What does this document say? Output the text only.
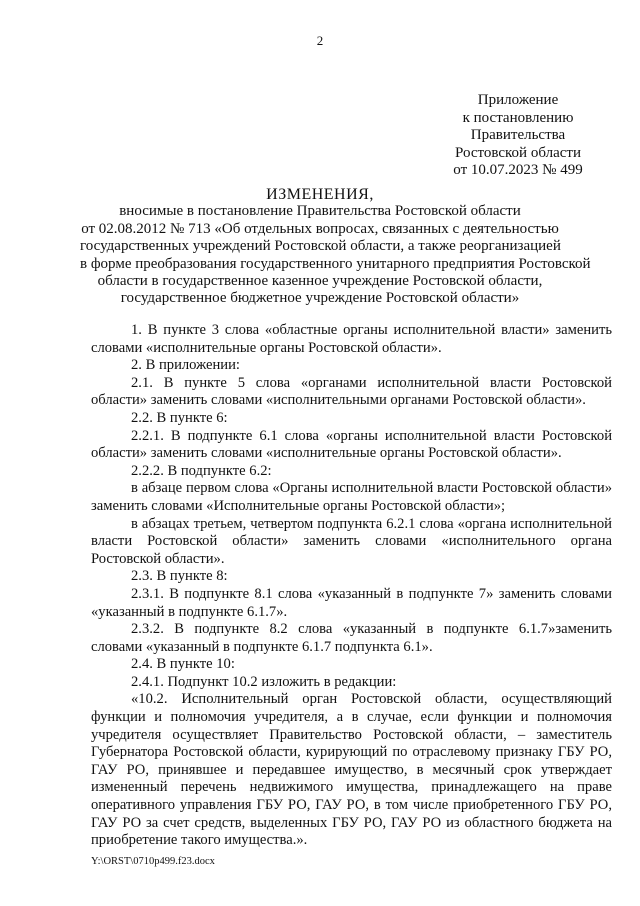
2
Приложение
к постановлению
Правительства
Ростовской области
от 10.07.2023 № 499
ИЗМЕНЕНИЯ,
вносимые в постановление Правительства Ростовской области
от 02.08.2012 № 713 «Об отдельных вопросах, связанных с деятельностью
государственных учреждений Ростовской области, а также реорганизацией
в форме преобразования государственного унитарного предприятия Ростовской
области в государственное казенное учреждение Ростовской области,
государственное бюджетное учреждение Ростовской области»

1. В пункте 3 слова «областные органы исполнительной власти» заменить словами «исполнительные органы Ростовской области».

2. В приложении:

2.1. В пункте 5 слова «органами исполнительной власти Ростовской области» заменить словами «исполнительными органами Ростовской области».

2.2. В пункте 6:

2.2.1. В подпункте 6.1 слова «органы исполнительной власти Ростовской области» заменить словами «исполнительные органы Ростовской области».

2.2.2. В подпункте 6.2:

в абзаце первом слова «Органы исполнительной власти Ростовской области» заменить словами «Исполнительные органы Ростовской области»;

в абзацах третьем, четвертом подпункта 6.2.1 слова «органа исполнительной власти Ростовской области» заменить словами «исполнительного органа Ростовской области».

2.3. В пункте 8:

2.3.1. В подпункте 8.1 слова «указанный в подпункте 7» заменить словами «указанный в подпункте 6.1.7».

2.3.2. В подпункте 8.2 слова «указанный в подпункте 6.1.7»заменить словами «указанный в подпункте 6.1.7 подпункта 6.1».

2.4. В пункте 10:

2.4.1. Подпункт 10.2 изложить в редакции:

«10.2. Исполнительный орган Ростовской области, осуществляющий функции и полномочия учредителя, а в случае, если функции и полномочия учредителя осуществляет Правительство Ростовской области, – заместитель Губернатора Ростовской области, курирующий по отраслевому признаку ГБУ РО, ГАУ РО, принявшее и передавшее имущество, в месячный срок утверждает измененный перечень недвижимого имущества, принадлежащего на праве оперативного управления ГБУ РО, ГАУ РО, в том числе приобретенного ГБУ РО, ГАУ РО за счет средств, выделенных ГБУ РО, ГАУ РО из областного бюджета на приобретение такого имущества.».

Y:\ORST\0710p499.f23.docx
